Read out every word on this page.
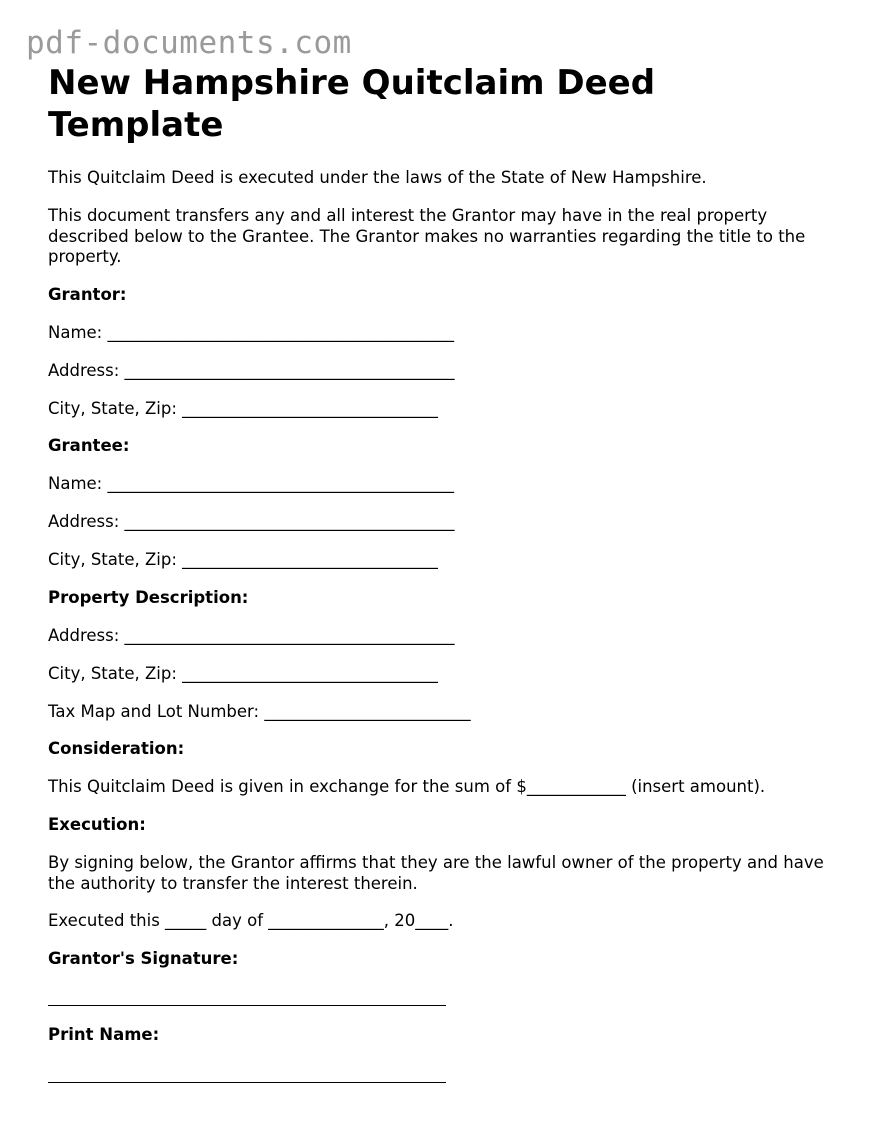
pdf-documents.com
New Hampshire Quitclaim Deed Template

This Quitclaim Deed is executed under the laws of the State of New Hampshire.

This document transfers any and all interest the Grantor may have in the real property described below to the Grantee. The Grantor makes no warranties regarding the title to the property.

Grantor:

Name: __________________________________________

Address: ________________________________________

City, State, Zip: _______________________________

Grantee:

Name: __________________________________________

Address: ________________________________________

City, State, Zip: _______________________________

Property Description:

Address: ________________________________________

City, State, Zip: _______________________________

Tax Map and Lot Number: _________________________

Consideration:

This Quitclaim Deed is given in exchange for the sum of $____________ (insert amount).

Execution:

By signing below, the Grantor affirms that they are the lawful owner of the property and have the authority to transfer the interest therein.

Executed this _____ day of ______________, 20____.

Grantor's Signature:

Print Name:
